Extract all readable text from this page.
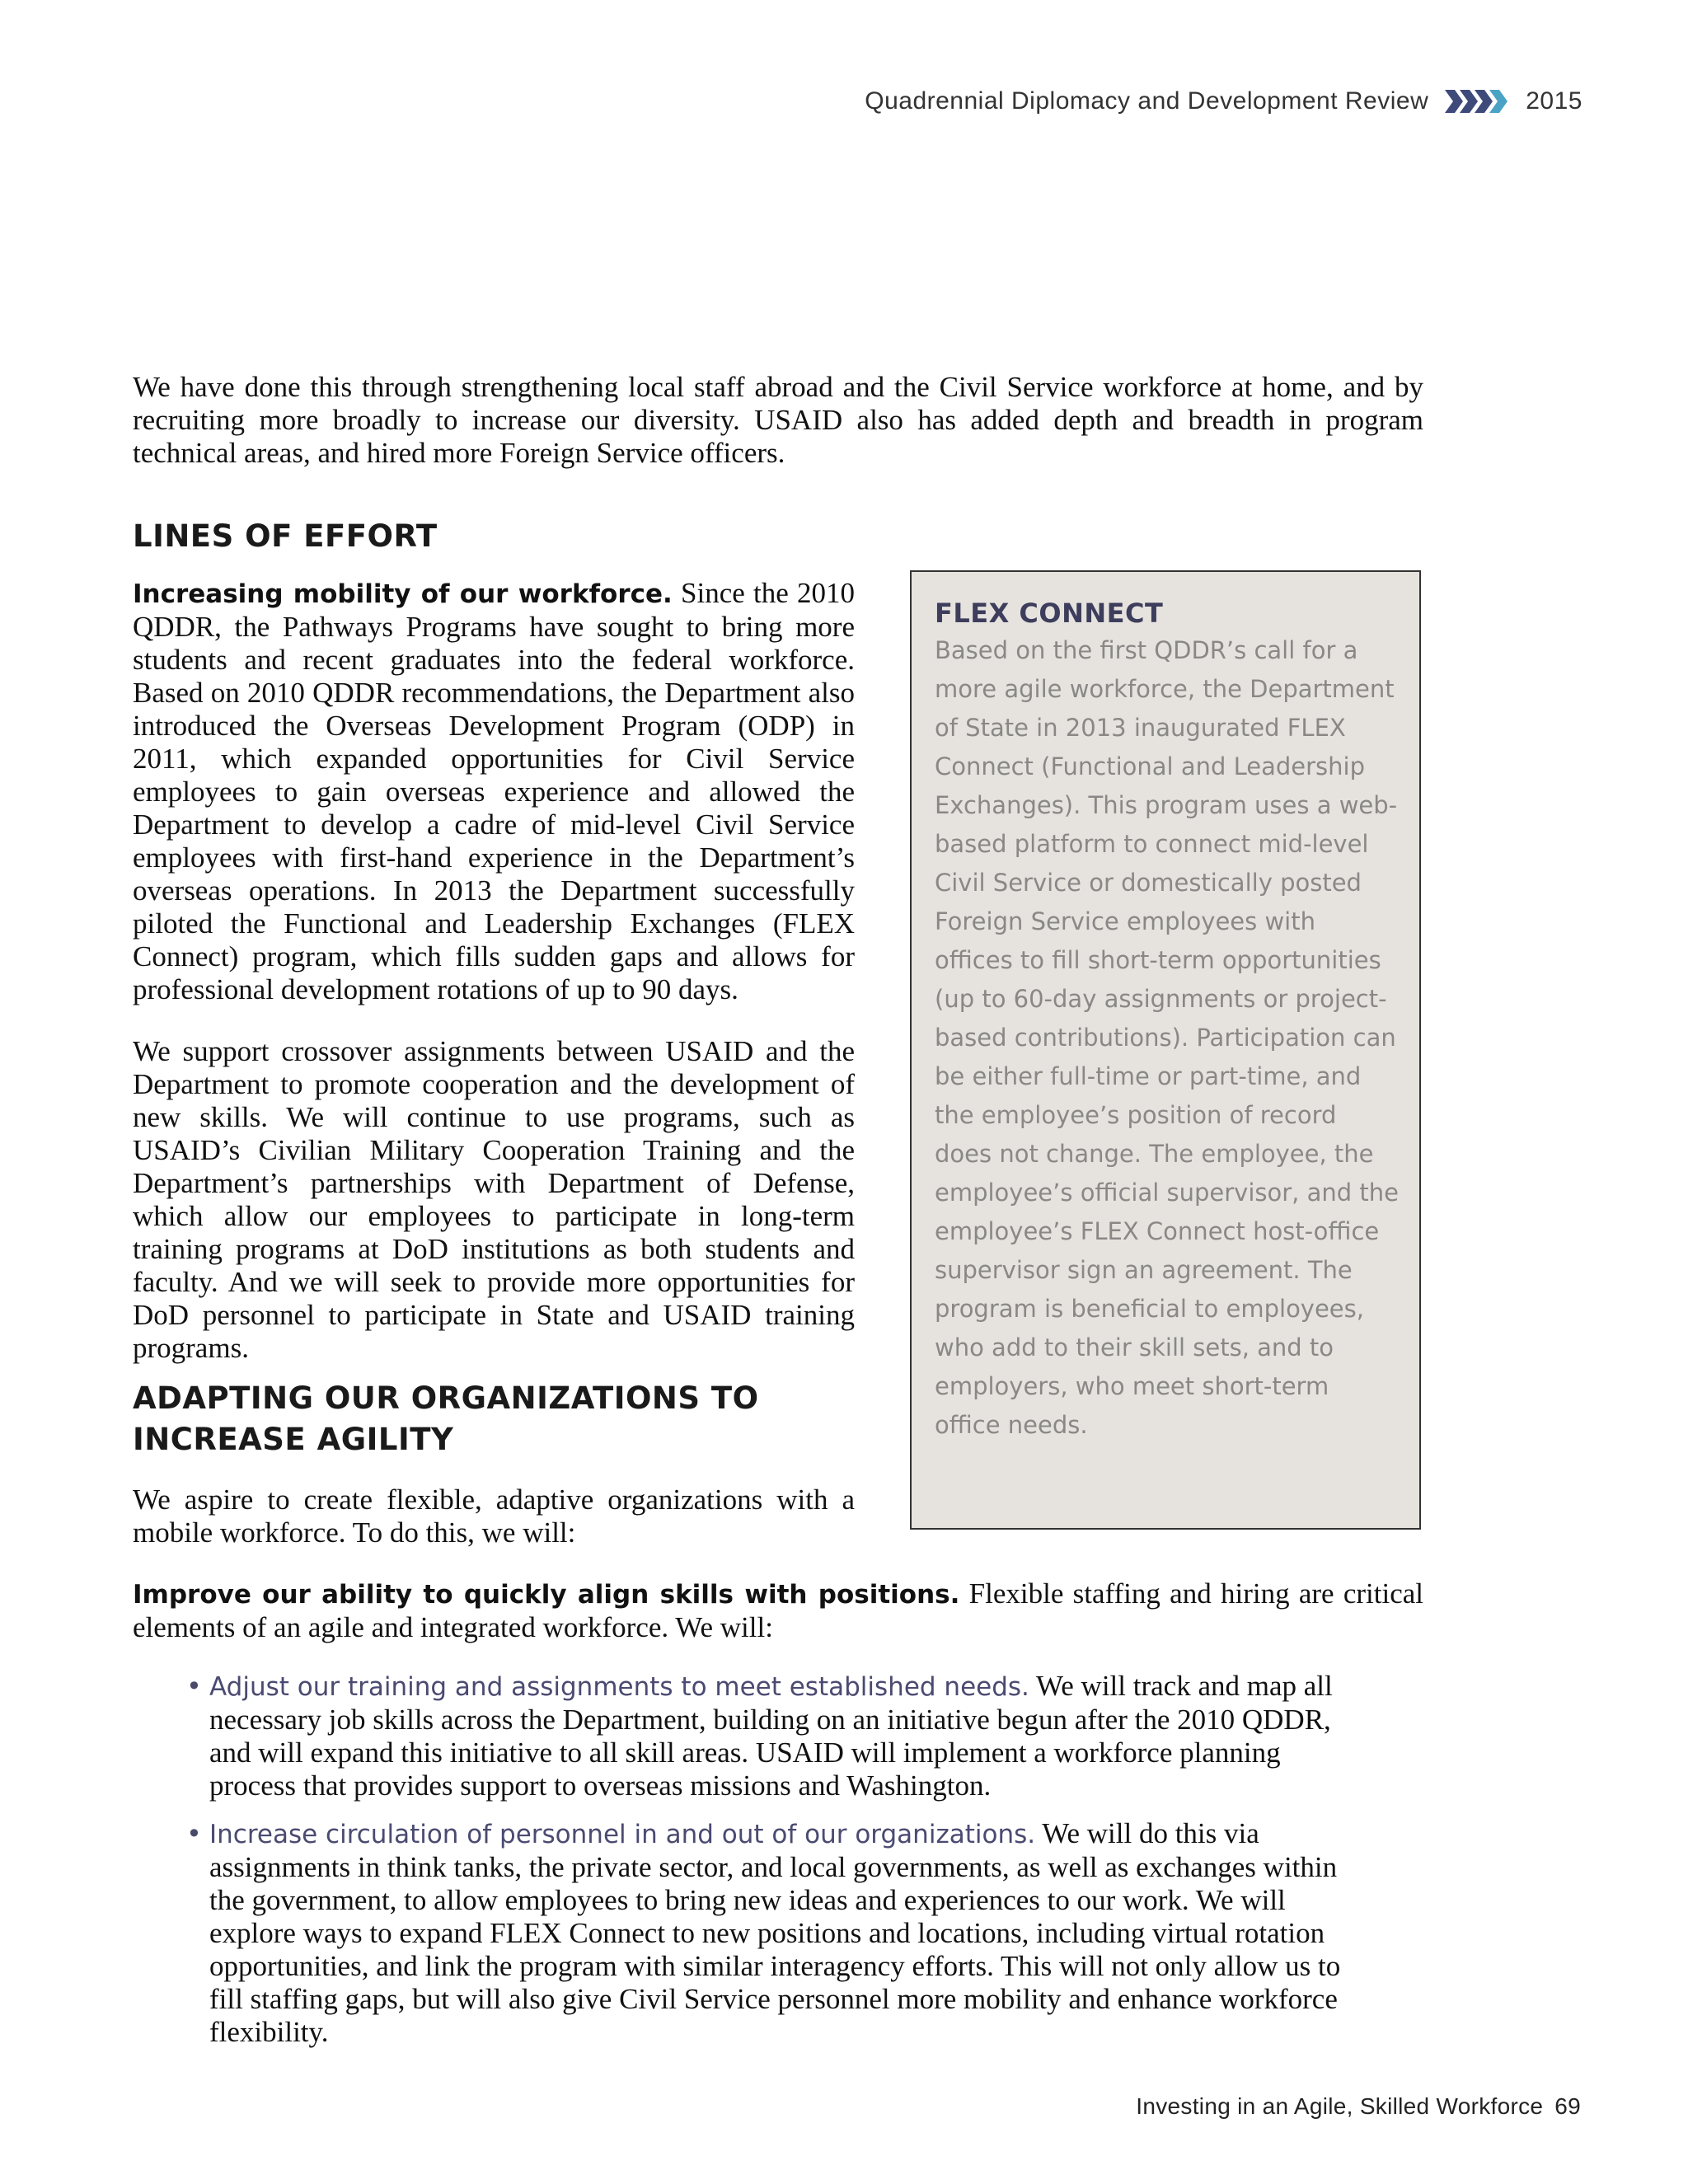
Quadrennial Diplomacy and Development Review	2015

We have done this through strengthening local staff abroad and the Civil Service workforce at home, and by recruiting more broadly to increase our diversity. USAID also has added depth and breadth in program technical areas, and hired more Foreign Service officers.

LINES OF EFFORT

Increasing mobility of our workforce. Since the 2010 QDDR, the Pathways Programs have sought to bring more students and recent graduates into the federal workforce. Based on 2010 QDDR recommendations, the Department also introduced the Overseas Development Program (ODP) in 2011, which expanded opportunities for Civil Service employees to gain overseas experience and allowed the Department to develop a cadre of mid-level Civil Service employees with first-hand experience in the Department’s overseas operations. In 2013 the Department successfully piloted the Functional and Leadership Exchanges (FLEX Connect) program, which fills sudden gaps and allows for professional development rotations of up to 90 days.

We support crossover assignments between USAID and the Department to promote cooperation and the development of new skills. We will continue to use programs, such as USAID’s Civilian Military Cooperation Training and the Department’s partnerships with Department of Defense, which allow our employees to participate in long-term training programs at DoD institutions as both students and faculty. And we will seek to provide more opportunities for DoD personnel to participate in State and USAID training programs.

ADAPTING OUR ORGANIZATIONS TO INCREASE AGILITY

We aspire to create flexible, adaptive organizations with a mobile workforce. To do this, we will:

FLEX CONNECT

Based on the first QDDR’s call for a more agile workforce, the Department of State in 2013 inaugurated FLEX Connect (Functional and Leadership Exchanges). This program uses a web-based platform to connect mid-level Civil Service or domestically posted Foreign Service employees with offices to fill short-term opportunities (up to 60-day assignments or project-based contributions). Participation can be either full-time or part-time, and the employee’s position of record does not change. The employee, the employee’s official supervisor, and the employee’s FLEX Connect host-office supervisor sign an agreement. The program is beneficial to employees, who add to their skill sets, and to employers, who meet short-term office needs.

Improve our ability to quickly align skills with positions. Flexible staffing and hiring are critical elements of an agile and integrated workforce. We will:

• Adjust our training and assignments to meet established needs. We will track and map all necessary job skills across the Department, building on an initiative begun after the 2010 QDDR, and will expand this initiative to all skill areas. USAID will implement a workforce planning process that provides support to overseas missions and Washington.
• Increase circulation of personnel in and out of our organizations. We will do this via assignments in think tanks, the private sector, and local governments, as well as exchanges within the government, to allow employees to bring new ideas and experiences to our work. We will explore ways to expand FLEX Connect to new positions and locations, including virtual rotation opportunities, and link the program with similar interagency efforts. This will not only allow us to fill staffing gaps, but will also give Civil Service personnel more mobility and enhance workforce flexibility.
Investing in an Agile, Skilled Workforce 69
